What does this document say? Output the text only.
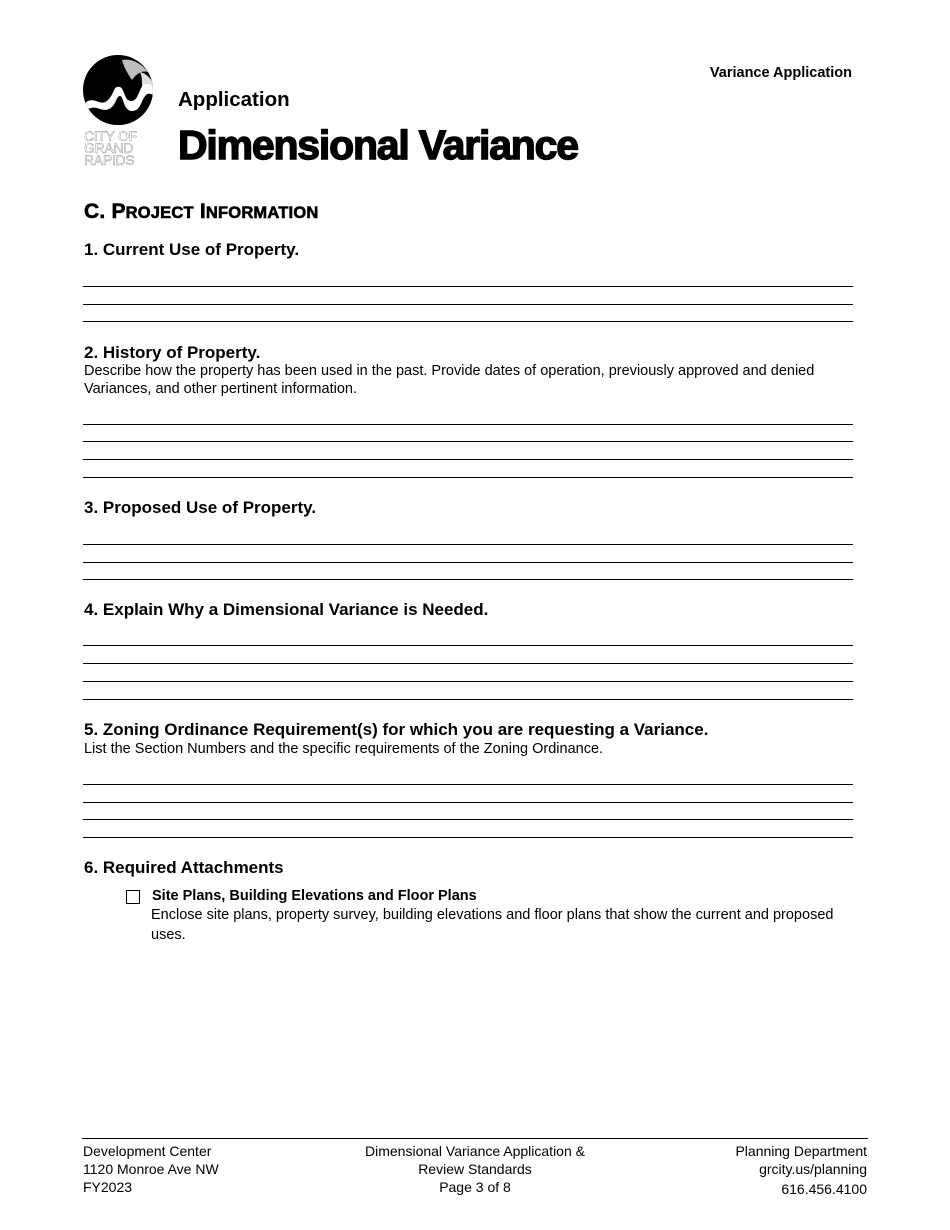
Variance Application
CITY OF
GRAND
RAPIDS
Application
Dimensional Variance
C. PROJECT INFORMATION
1. Current Use of Property.
2. History of Property.
Describe how the property has been used in the past. Provide dates of operation, previously approved and denied Variances, and other pertinent information.
3. Proposed Use of Property.
4. Explain Why a Dimensional Variance is Needed.
5. Zoning Ordinance Requirement(s) for which you are requesting a Variance.
List the Section Numbers and the specific requirements of the Zoning Ordinance.
6. Required Attachments
Site Plans, Building Elevations and Floor Plans
Enclose site plans, property survey, building elevations and floor plans that show the current and proposed uses.
Development Center
1120 Monroe Ave NW
FY2023
Dimensional Variance Application &
Review Standards
Page 3 of 8
Planning Department
grcity.us/planning
616.456.4100
